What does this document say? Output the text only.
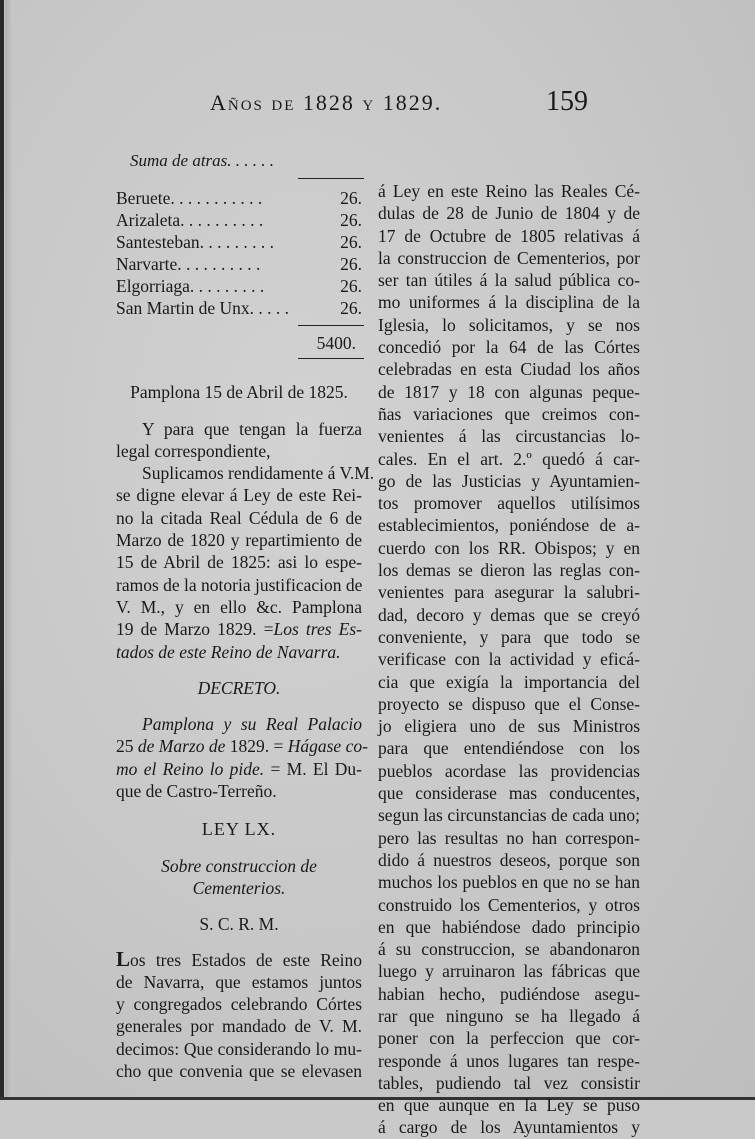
Años de 1828 y 1829.	159
Suma de atras. . . . . .
Beruete. . . . . . . . . . .	26.
Arizaleta. . . . . . . . . .	26.
Santesteban. . . . . . . . .	26.
Narvarte. . . . . . . . . .	26.
Elgorriaga. . . . . . . . .	26.
San Martin de Unx. . . . .	26.
5400.
Pamplona 15 de Abril de 1825.
Y para que tengan la fuerza
legal correspondiente,
Suplicamos rendidamente á V.M.
se digne elevar á Ley de este Rei-
no la citada Real Cédula de 6 de
Marzo de 1820 y repartimiento de
15 de Abril de 1825: asi lo espe-
ramos de la notoria justificacion de
V. M., y en ello &c. Pamplona
19 de Marzo 1829. =Los tres Es-
tados de este Reino de Navarra.
DECRETO.
Pamplona y su Real Palacio
25 de Marzo de 1829. = Hágase co-
mo el Reino lo pide. = M. El Du-
que de Castro-Terreño.
LEY LX.
Sobre construccion de Cementerios.
S. C. R. M.
Los tres Estados de este Reino
de Navarra, que estamos juntos
y congregados celebrando Córtes
generales por mandado de V. M.
decimos: Que considerando lo mu-
cho que convenia que se elevasen
á Ley en este Reino las Reales Cé-
dulas de 28 de Junio de 1804 y de
17 de Octubre de 1805 relativas á
la construccion de Cementerios, por
ser tan útiles á la salud pública co-
mo uniformes á la disciplina de la
Iglesia, lo solicitamos, y se nos
concedió por la 64 de las Córtes
celebradas en esta Ciudad los años
de 1817 y 18 con algunas peque-
ñas variaciones que creimos con-
venientes á las circustancias lo-
cales. En el art. 2.º quedó á car-
go de las Justicias y Ayuntamien-
tos promover aquellos utilísimos
establecimientos, poniéndose de a-
cuerdo con los RR. Obispos; y en
los demas se dieron las reglas con-
venientes para asegurar la salubri-
dad, decoro y demas que se creyó
conveniente, y para que todo se
verificase con la actividad y eficá-
cia que exigía la importancia del
proyecto se dispuso que el Conse-
jo eligiera uno de sus Ministros
para que entendiéndose con los
pueblos acordase las providencias
que considerase mas conducentes,
segun las circunstancias de cada uno;
pero las resultas no han correspon-
dido á nuestros deseos, porque son
muchos los pueblos en que no se han
construido los Cementerios, y otros
en que habiéndose dado principio
á su construccion, se abandonaron
luego y arruinaron las fábricas que
habian hecho, pudiéndose asegu-
rar que ninguno se ha llegado á
poner con la perfeccion que cor-
responde á unos lugares tan respe-
tables, pudiendo tal vez consistir
en que aunque en la Ley se puso
á cargo de los Ayuntamientos y
